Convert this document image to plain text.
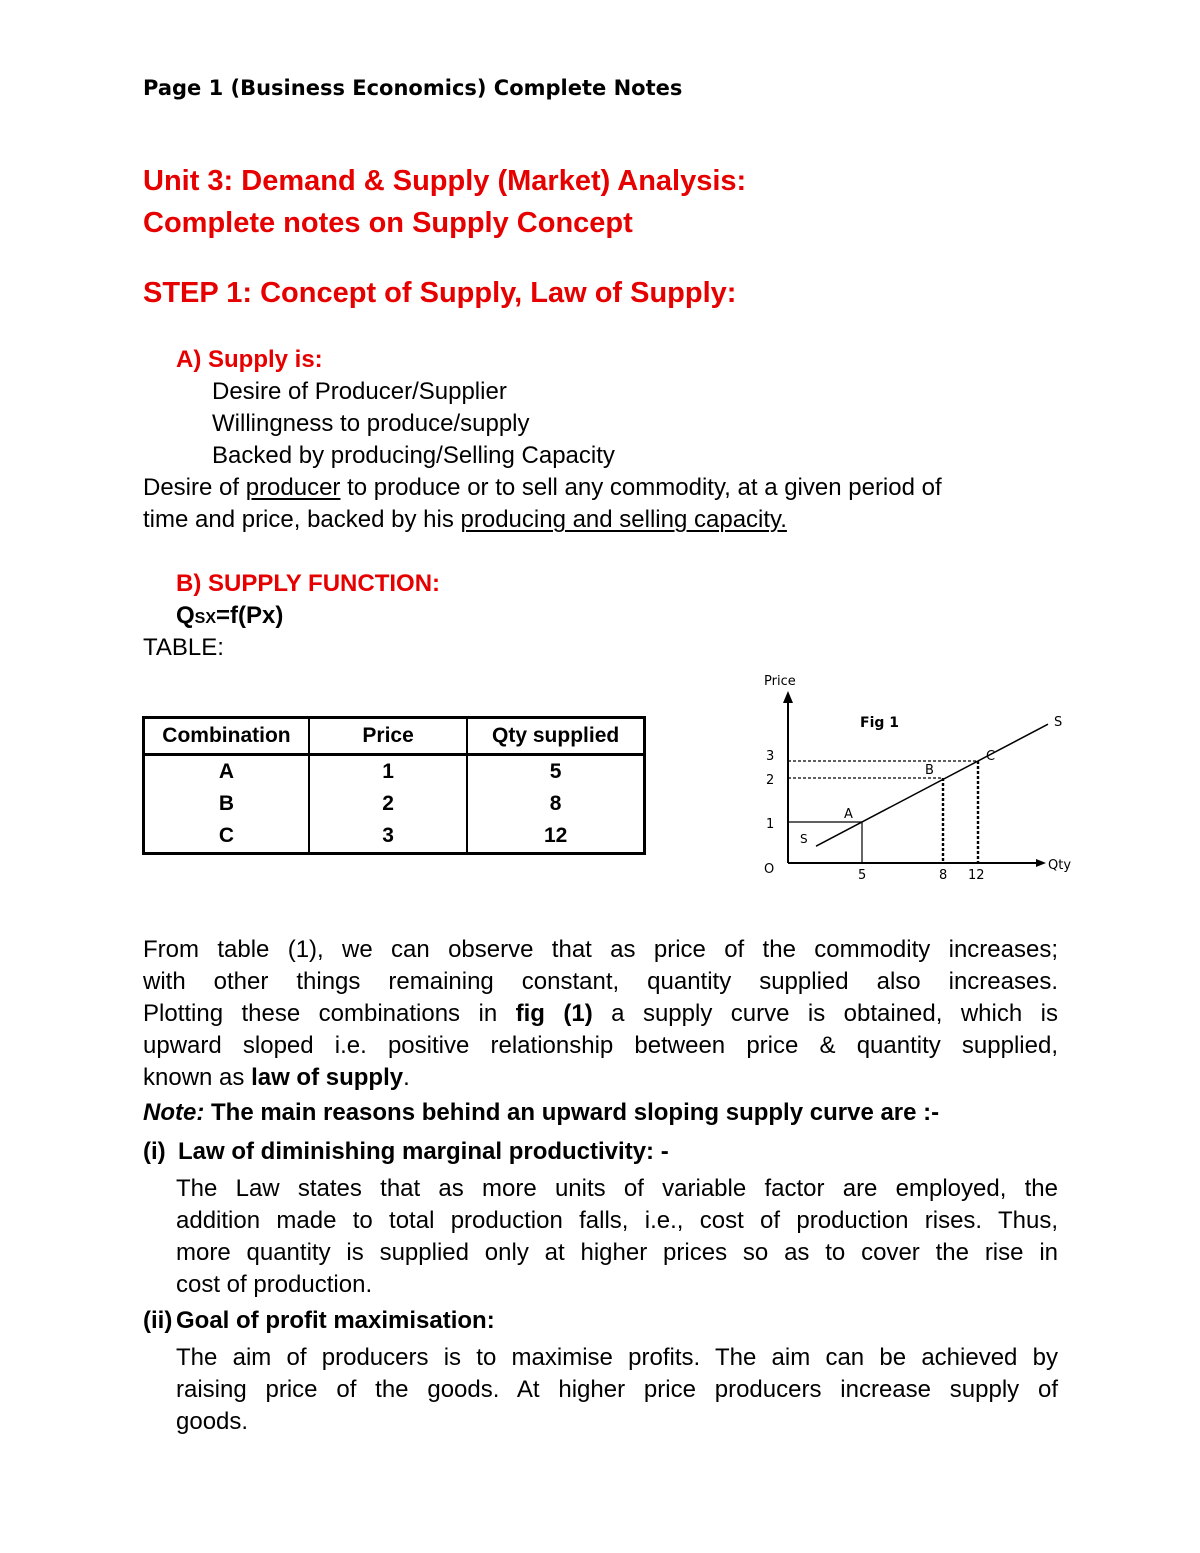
Page 1 (Business Economics) Complete Notes
Unit 3: Demand & Supply (Market) Analysis:
Complete notes on Supply Concept
STEP 1: Concept of Supply, Law of Supply:
A) Supply is:
Desire of Producer/Supplier
Willingness to produce/supply
Backed by producing/Selling Capacity
Desire of producer to produce or to sell any commodity, at a given period of
time and price, backed by his producing and selling capacity.
B) SUPPLY FUNCTION:
QSX=f(Px)
TABLE:
Combination	Price	Qty supplied
A	1	5
B	2	8
C	3	12
Price
Qty
O
Fig 1	S
S
A
1
5
B
2
8
C
3
12
From table (1), we can observe that as price of the commodity increases;
with other things remaining constant, quantity supplied also increases.
Plotting these combinations in fig (1) a supply curve is obtained, which is
upward sloped i.e. positive relationship between price & quantity supplied,
known as law of supply.
Note: The main reasons behind an upward sloping supply curve are :-
(i) Law of diminishing marginal productivity: -
The Law states that as more units of variable factor are employed, the
addition made to total production falls, i.e., cost of production rises. Thus,
more quantity is supplied only at higher prices so as to cover the rise in
cost of production.
(ii) Goal of profit maximisation:
The aim of producers is to maximise profits. The aim can be achieved by
raising price of the goods. At higher price producers increase supply of
goods.
